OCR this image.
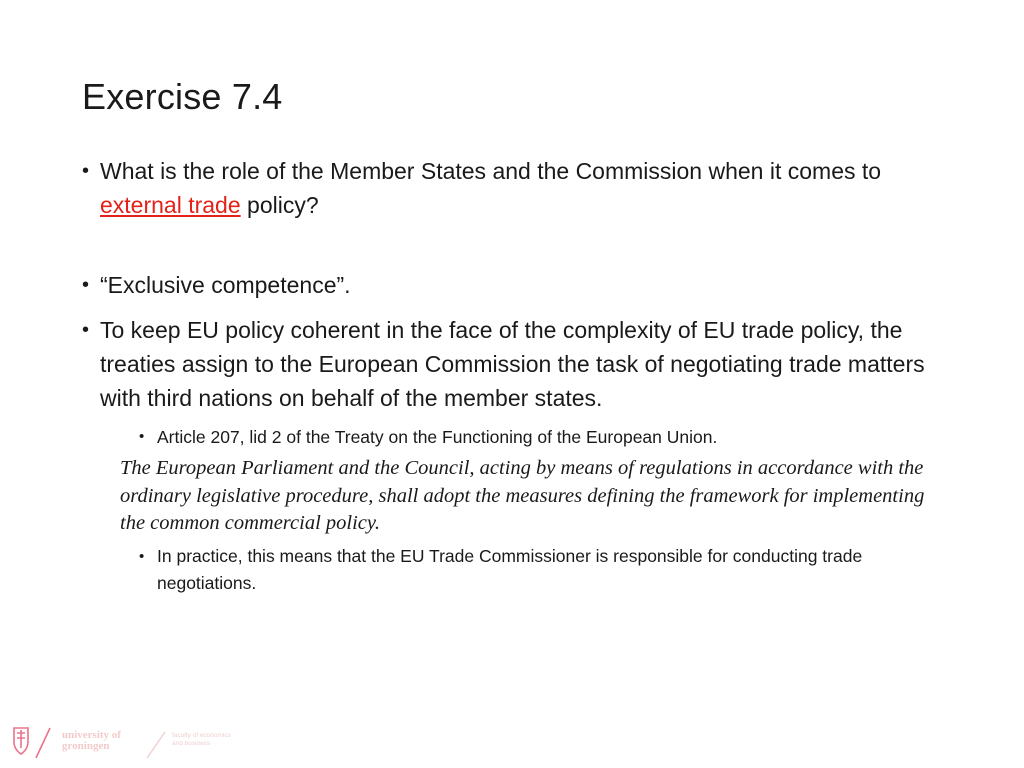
Exercise 7.4

• What is the role of the Member States and the Commission when it comes to external trade policy?

• “Exclusive competence”.

• To keep EU policy coherent in the face of the complexity of EU trade policy, the treaties assign to the European Commission the task of negotiating trade matters with third nations on behalf of the member states.

• Article 207, lid 2 of the Treaty on the Functioning of the European Union.
The European Parliament and the Council, acting by means of regulations in accordance with the ordinary legislative procedure, shall adopt the measures defining the framework for implementing the common commercial policy.
• In practice, this means that the EU Trade Commissioner is responsible for conducting trade negotiations.
university of
groningen
faculty of economics
and business
